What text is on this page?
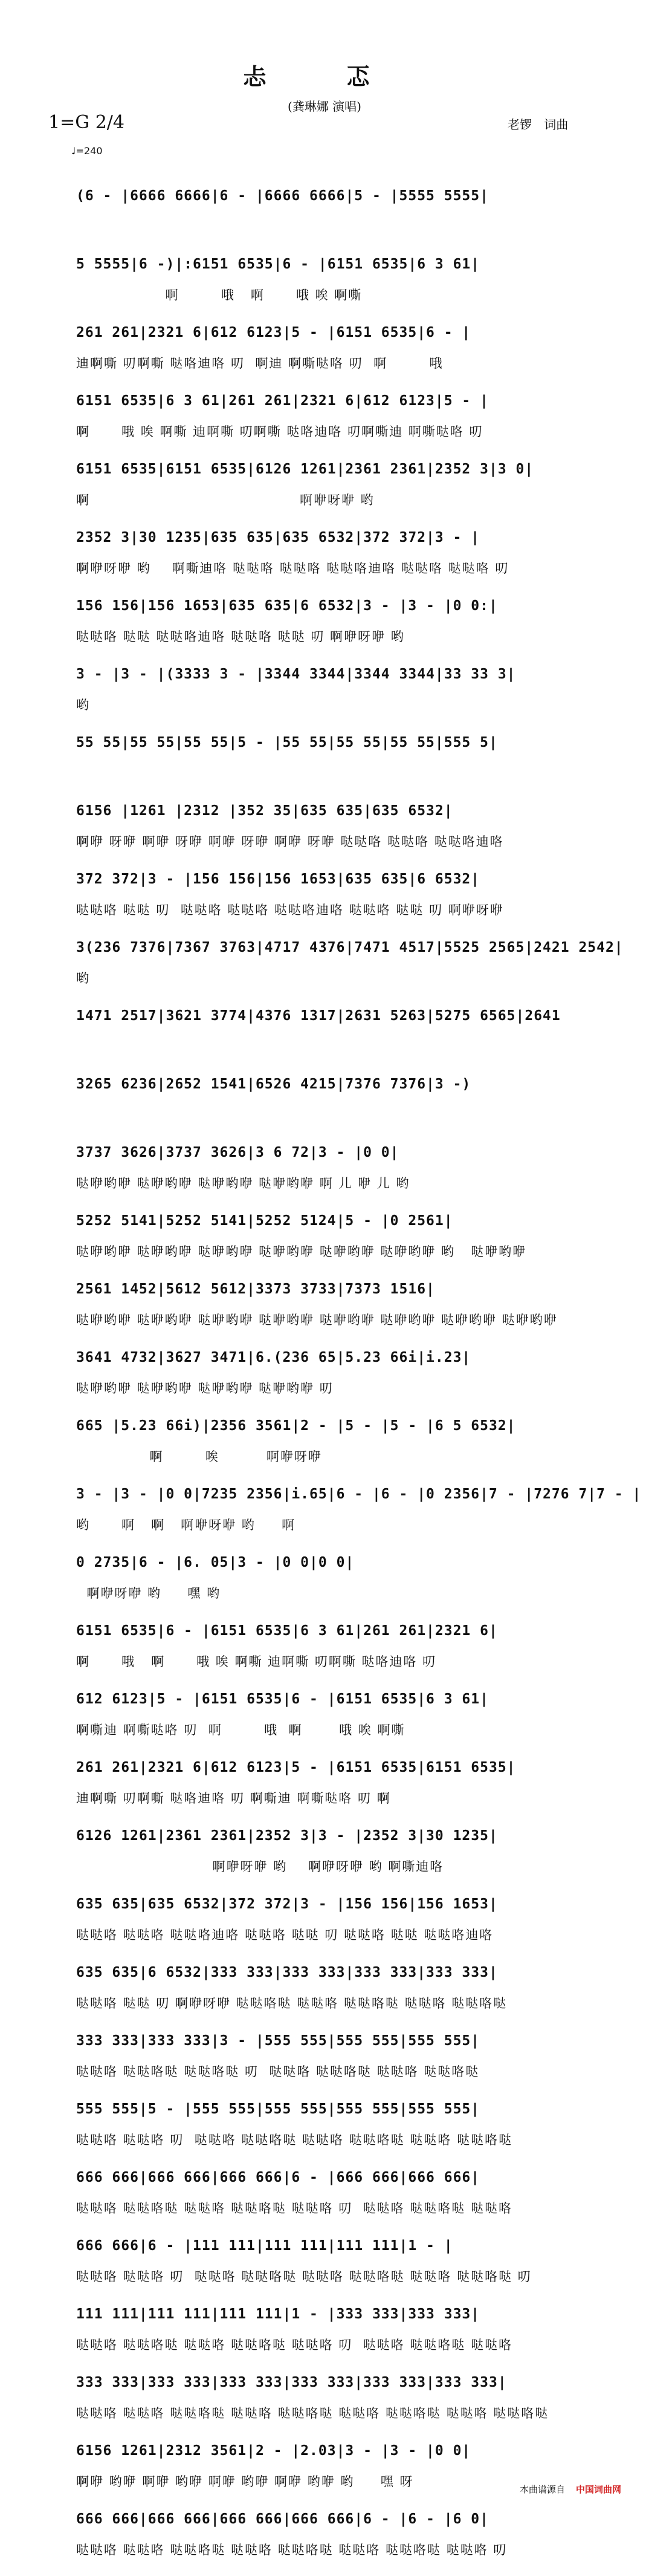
忐 忑
(龚琳娜 演唱)
1=G 2/4
♩=240
老锣 词曲
(6 - |6666 6666|6 - |6666 6666|5 - |5555 5555|
5 5555|6 -)|:6151 6535|6 - |6151 6535|6 3 61|
啊        哦   啊      哦 唉 啊嘶
261 261|2321 6|612 6123|5 - |6151 6535|6 - |
迪啊嘶 叨啊嘶 哒咯迪咯 叨  啊迪 啊嘶哒咯 叨  啊        哦
6151 6535|6 3 61|261 261|2321 6|612 6123|5 - |
啊      哦 唉 啊嘶 迪啊嘶 叨啊嘶 哒咯迪咯 叨啊嘶迪 啊嘶哒咯 叨
6151 6535|6151 6535|6126 1261|2361 2361|2352 3|3 0|
啊                                        啊咿呀咿 哟
2352 3|30 1235|635 635|635 6532|372 372|3 - |
啊咿呀咿 哟    啊嘶迪咯 哒哒咯 哒哒咯 哒哒咯迪咯 哒哒咯 哒哒咯 叨
156 156|156 1653|635 635|6 6532|3 - |3 - |0 0:|
哒哒咯 哒哒 哒哒咯迪咯 哒哒咯 哒哒 叨 啊咿呀咿 哟
3 - |3 - |(3333 3 - |3344 3344|3344 3344|33 33 3|
哟
55 55|55 55|55 55|5 - |55 55|55 55|55 55|555 5|
6156 |1261 |2312 |352 35|635 635|635 6532|
啊咿 呀咿 啊咿 呀咿 啊咿 呀咿 啊咿 呀咿 哒哒咯 哒哒咯 哒哒咯迪咯
372 372|3 - |156 156|156 1653|635 635|6 6532|
哒哒咯 哒哒 叨  哒哒咯 哒哒咯 哒哒咯迪咯 哒哒咯 哒哒 叨 啊咿呀咿
3(236 7376|7367 3763|4717 4376|7471 4517|5525 2565|2421 2542|
哟
1471 2517|3621 3774|4376 1317|2631 5263|5275 6565|2641
3265 6236|2652 1541|6526 4215|7376 7376|3 -)
3737 3626|3737 3626|3 6 72|3 - |0 0|
哒咿哟咿 哒咿哟咿 哒咿哟咿 哒咿哟咿 啊 儿 咿 儿 哟
5252 5141|5252 5141|5252 5124|5 - |0 2561|
哒咿哟咿 哒咿哟咿 哒咿哟咿 哒咿哟咿 哒咿哟咿 哒咿哟咿 哟   哒咿哟咿
2561 1452|5612 5612|3373 3733|7373 1516|
哒咿哟咿 哒咿哟咿 哒咿哟咿 哒咿哟咿 哒咿哟咿 哒咿哟咿 哒咿哟咿 哒咿哟咿
3641 4732|3627 3471|6.(236 65|5.23 66i|i.23|
哒咿哟咿 哒咿哟咿 哒咿哟咿 哒咿哟咿 叨
665 |5.23 66i)|2356 3561|2 - |5 - |5 - |6 5 6532|
啊        唉         啊咿呀咿
3 - |3 - |0 0|7235 2356|i.65|6 - |6 - |0 2356|7 - |7276 7|7 - |
哟      啊   啊   啊咿呀咿 哟     啊
0 2735|6 - |6. 05|3 - |0 0|0 0|
啊咿呀咿 哟     嘿 哟
6151 6535|6 - |6151 6535|6 3 61|261 261|2321 6|
啊      哦   啊      哦 唉 啊嘶 迪啊嘶 叨啊嘶 哒咯迪咯 叨
612 6123|5 - |6151 6535|6 - |6151 6535|6 3 61|
啊嘶迪 啊嘶哒咯 叨  啊        哦  啊       哦 唉 啊嘶
261 261|2321 6|612 6123|5 - |6151 6535|6151 6535|
迪啊嘶 叨啊嘶 哒咯迪咯 叨 啊嘶迪 啊嘶哒咯 叨 啊
6126 1261|2361 2361|2352 3|3 - |2352 3|30 1235|
啊咿呀咿 哟    啊咿呀咿 哟 啊嘶迪咯
635 635|635 6532|372 372|3 - |156 156|156 1653|
哒哒咯 哒哒咯 哒哒咯迪咯 哒哒咯 哒哒 叨 哒哒咯 哒哒 哒哒咯迪咯
635 635|6 6532|333 333|333 333|333 333|333 333|
哒哒咯 哒哒 叨 啊咿呀咿 哒哒咯哒 哒哒咯 哒哒咯哒 哒哒咯 哒哒咯哒
333 333|333 333|3 - |555 555|555 555|555 555|
哒哒咯 哒哒咯哒 哒哒咯哒 叨  哒哒咯 哒哒咯哒 哒哒咯 哒哒咯哒
555 555|5 - |555 555|555 555|555 555|555 555|
哒哒咯 哒哒咯 叨  哒哒咯 哒哒咯哒 哒哒咯 哒哒咯哒 哒哒咯 哒哒咯哒
666 666|666 666|666 666|6 - |666 666|666 666|
哒哒咯 哒哒咯哒 哒哒咯 哒哒咯哒 哒哒咯 叨  哒哒咯 哒哒咯哒 哒哒咯
666 666|6 - |111 111|111 111|111 111|1 - |
哒哒咯 哒哒咯 叨  哒哒咯 哒哒咯哒 哒哒咯 哒哒咯哒 哒哒咯 哒哒咯哒 叨
111 111|111 111|111 111|1 - |333 333|333 333|
哒哒咯 哒哒咯哒 哒哒咯 哒哒咯哒 哒哒咯 叨  哒哒咯 哒哒咯哒 哒哒咯
333 333|333 333|333 333|333 333|333 333|333 333|
哒哒咯 哒哒咯 哒哒咯哒 哒哒咯 哒哒咯哒 哒哒咯 哒哒咯哒 哒哒咯 哒哒咯哒
6156 1261|2312 3561|2 - |2.03|3 - |3 - |0 0|
啊咿 哟咿 啊咿 哟咿 啊咿 哟咿 啊咿 哟咿 哟     嘿 呀
666 666|666 666|666 666|666 666|6 - |6 - |6 0|
哒哒咯 哒哒咯 哒哒咯哒 哒哒咯 哒哒咯哒 哒哒咯 哒哒咯哒 哒哒咯 叨
本曲谱源自 中国词曲网
